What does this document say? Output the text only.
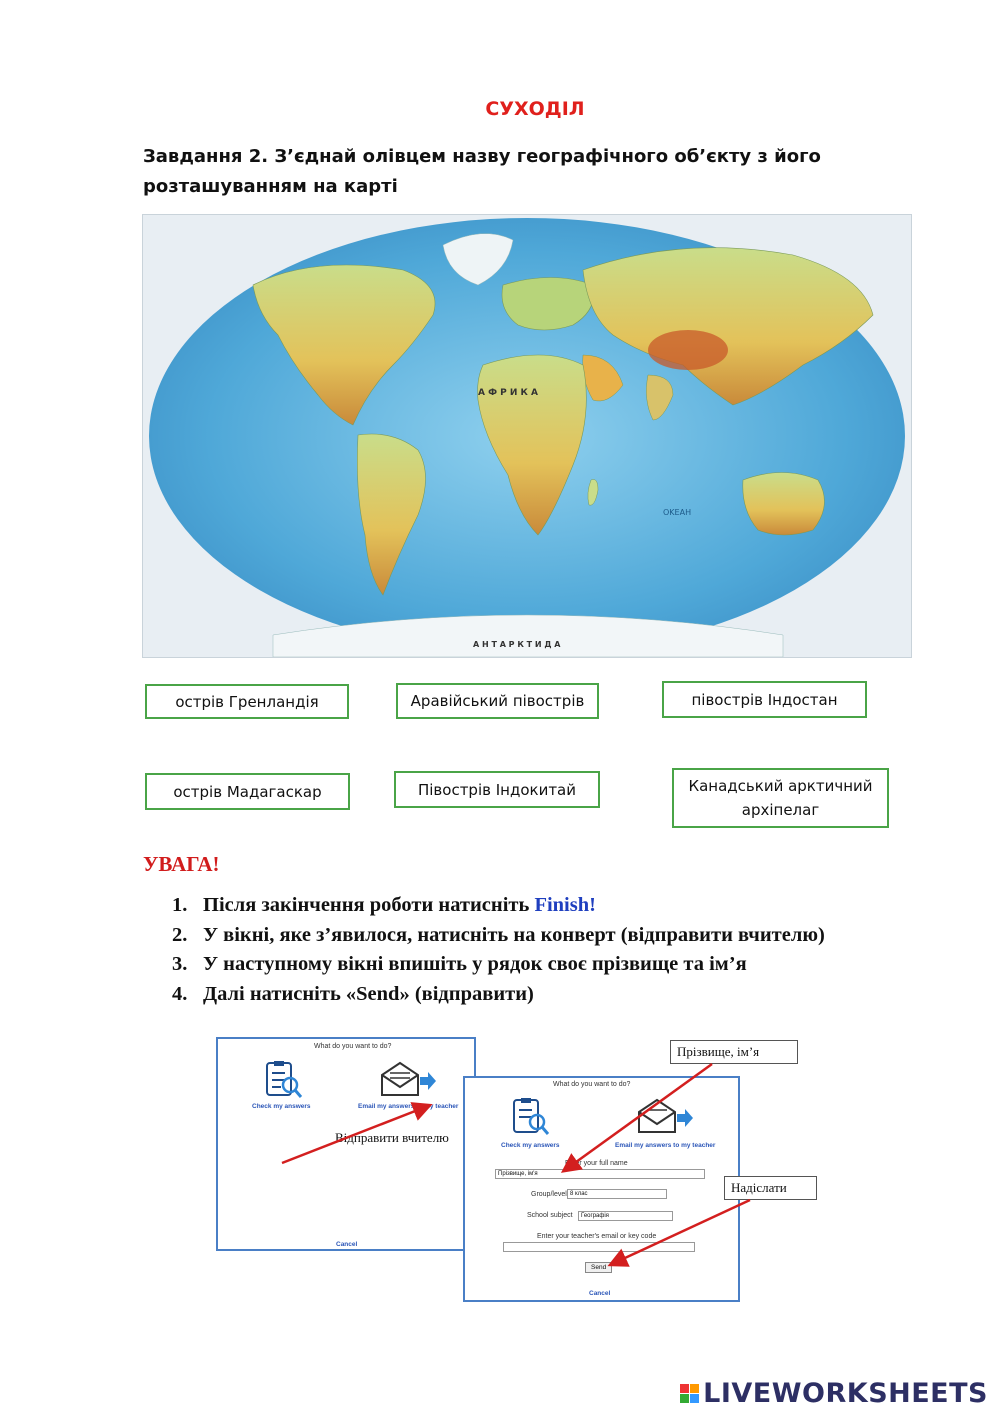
СУХОДІЛ
Завдання 2. З’єднай олівцем назву географічного об’єкту з його
розташуванням на карті
А Ф Р И К А
А Н Т А Р К Т И Д А
OKEAH
острів Гренландія	Аравійський півострів	півострів Індостан
острів Мадагаскар	Півострів Індокитай	Канадський арктичний архіпелаг
УВАГА!
1. Після закінчення роботи натисніть Finish!
2. У вікні, яке з’явилося, натисніть на конверт (відправити вчителю)
3. У наступному вікні впишіть у рядок своє прізвище та ім’я
4. Далі натисніть «Send» (відправити)
What do you want to do?
Check my answers	Email my answers to my teacher
Cancel
What do you want to do?
Check my answers	Email my answers to my teacher
Enter your full name
Прізвище, ім'я
Group/level 8 клас
School subject	Географія
Enter your teacher's email or key code
Send
Cancel
Прізвище, ім’я
Надіслати
Відправити вчителю
LIVEWORKSHEETS
